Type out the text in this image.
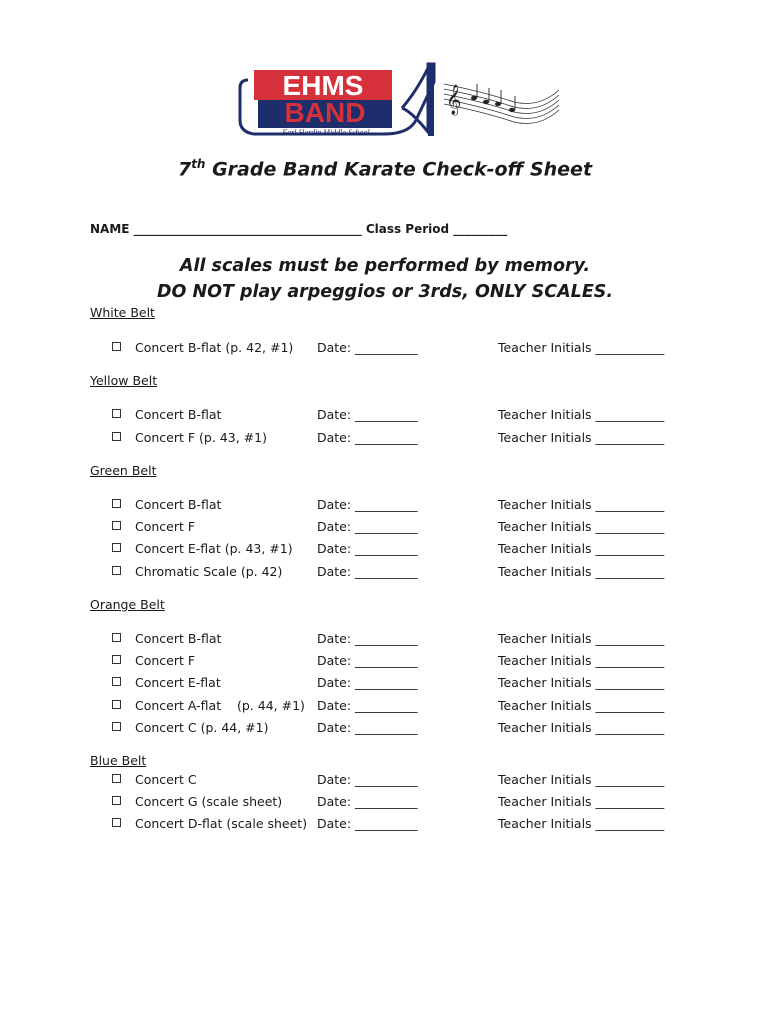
EHMS
BAND
Earl Hardin Middle School
𝄞
7th Grade Band Karate Check-off Sheet
NAME ______________________________________ Class Period _________
All scales must be performed by memory.
DO NOT play arpeggios or 3rds, ONLY SCALES.
White Belt
Concert B-flat (p. 42, #1) Date: __________	Teacher Initials ___________
Yellow Belt
Concert B-flat	Date: __________	Teacher Initials ___________
Concert F (p. 43, #1)	Date: __________	Teacher Initials ___________
Green Belt
Concert B-flat	Date: __________	Teacher Initials ___________
Concert F	Date: __________	Teacher Initials ___________
Concert E-flat (p. 43, #1) Date: __________	Teacher Initials ___________
Chromatic Scale (p. 42)	Date: __________	Teacher Initials ___________
Orange Belt
Concert B-flat	Date: __________	Teacher Initials ___________
Concert F	Date: __________	Teacher Initials ___________
Concert E-flat	Date: __________	Teacher Initials ___________
Concert A-flat    (p. 44, #1) Date: __________	Teacher Initials ___________
Concert C (p. 44, #1)	Date: __________	Teacher Initials ___________
Blue Belt
Concert C	Date: __________	Teacher Initials ___________
Concert G (scale sheet)	Date: __________	Teacher Initials ___________
Concert D-flat (scale sheet) Date: __________	Teacher Initials ___________
